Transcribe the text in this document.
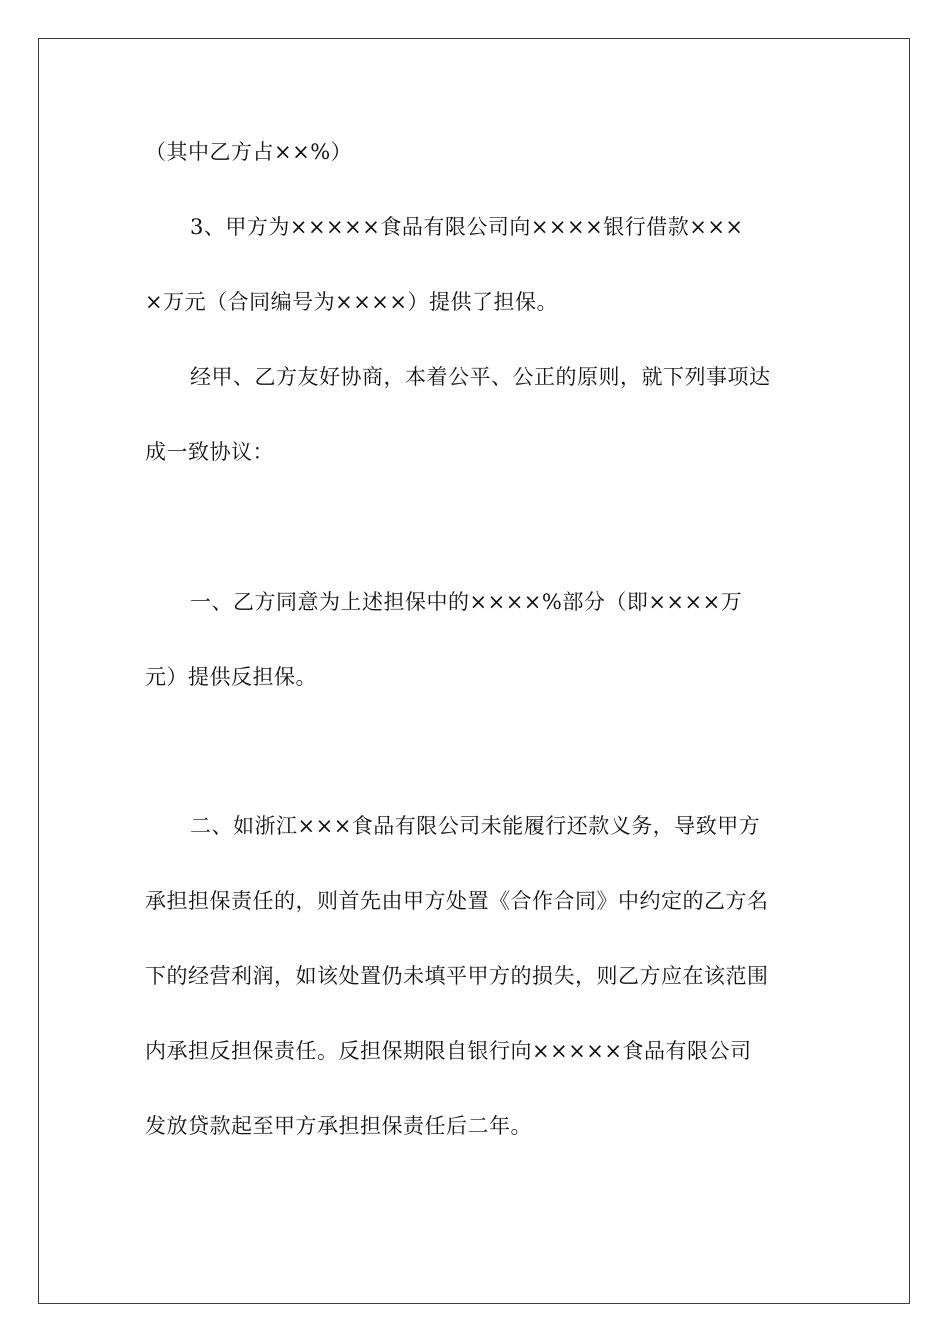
（其中乙方占××%）
3、甲方为×××××食品有限公司向××××银行借款×××
×万元（合同编号为××××）提供了担保。
经甲、乙方友好协商，本着公平、公正的原则，就下列事项达
成一致协议：
一、乙方同意为上述担保中的××××%部分（即××××万
元）提供反担保。
二、如浙江×××食品有限公司未能履行还款义务，导致甲方
承担担保责任的，则首先由甲方处置《合作合同》中约定的乙方名
下的经营利润，如该处置仍未填平甲方的损失，则乙方应在该范围
内承担反担保责任。反担保期限自银行向×××××食品有限公司
发放贷款起至甲方承担担保责任后二年。
